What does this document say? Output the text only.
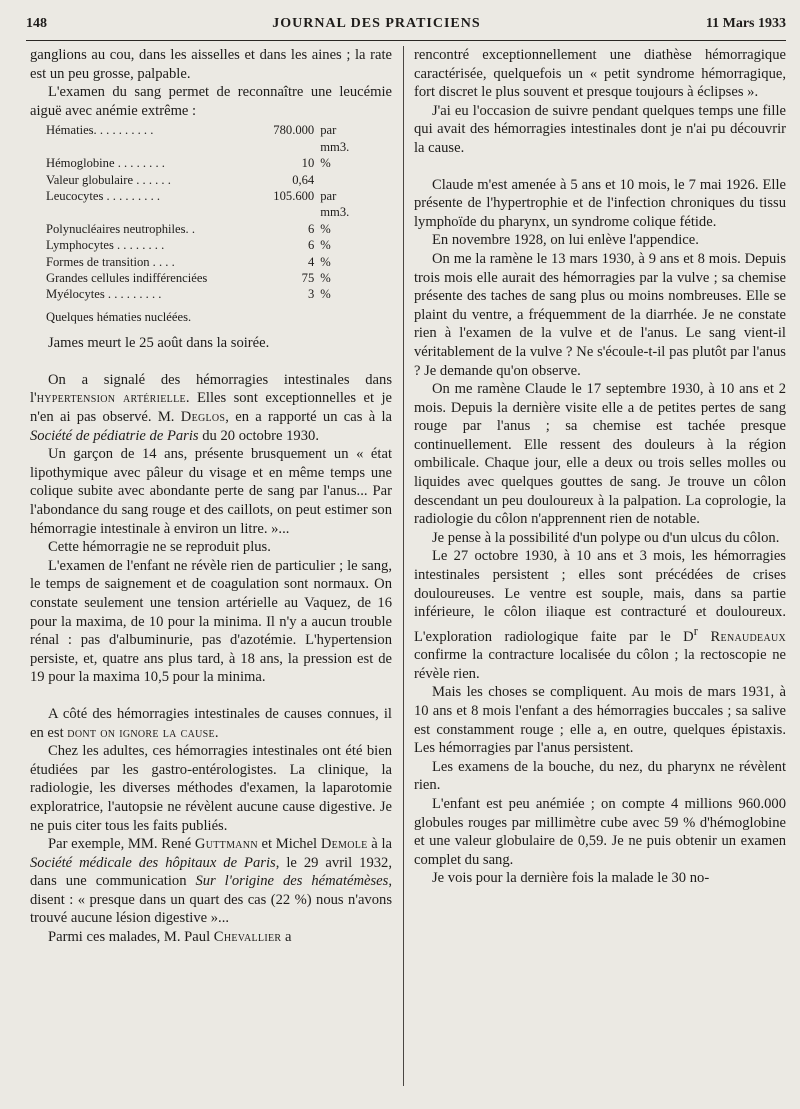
148	JOURNAL DES PRATICIENS	11 Mars 1933

ganglions au cou, dans les aisselles et dans les aines ; la rate est un peu grosse, palpable.

L'examen du sang permet de reconnaître une leucémie aiguë avec anémie extrême :

Hématies. . . . . . . . . .	780.000	par mm3.
Hémoglobine . . . . . . . .	10	%
Valeur globulaire . . . . . .	0,64	
Leucocytes . . . . . . . . .	105.600	par mm3.
Polynucléaires neutrophiles. .	6	%
Lymphocytes . . . . . . . .	6	%
Formes de transition . . . .	4	%
Grandes cellules indifférenciées	75	%
Myélocytes . . . . . . . . .	3	%
Quelques hématies nucléées.

James meurt le 25 août dans la soirée.

On a signalé des hémorragies intestinales dans l'hypertension artérielle. Elles sont exceptionnelles et je n'en ai pas observé. M. Deglos, en a rapporté un cas à la Société de pédiatrie de Paris du 20 octobre 1930.

Un garçon de 14 ans, présente brusquement un « état lipothymique avec pâleur du visage et en même temps une colique subite avec abondante perte de sang par l'anus... Par l'abondance du sang rouge et des caillots, on peut estimer son hémorragie intestinale à environ un litre. »...

Cette hémorragie ne se reproduit plus.

L'examen de l'enfant ne révèle rien de particulier ; le sang, le temps de saignement et de coagulation sont normaux. On constate seulement une tension artérielle au Vaquez, de 16 pour la maxima, de 10 pour la minima. Il n'y a aucun trouble rénal : pas d'albuminurie, pas d'azotémie. L'hypertension persiste, et, quatre ans plus tard, à 18 ans, la pression est de 19 pour la maxima 10,5 pour la minima.

A côté des hémorragies intestinales de causes connues, il en est dont on ignore la cause.

Chez les adultes, ces hémorragies intestinales ont été bien étudiées par les gastro-entérologistes. La clinique, la radiologie, les diverses méthodes d'examen, la laparotomie exploratrice, l'autopsie ne révèlent aucune cause digestive. Je ne puis citer tous les faits publiés.

Par exemple, MM. René Guttmann et Michel Demole à la Société médicale des hôpitaux de Paris, le 29 avril 1932, dans une communication Sur l'origine des hématémèses, disent : « presque dans un quart des cas (22 %) nous n'avons trouvé aucune lésion digestive »...

Parmi ces malades, M. Paul Chevallier a

rencontré exceptionnellement une diathèse hémorragique caractérisée, quelquefois un « petit syndrome hémorragique, fort discret le plus souvent et presque toujours à éclipses ».

J'ai eu l'occasion de suivre pendant quelques temps une fille qui avait des hémorragies intestinales dont je n'ai pu découvrir la cause.

Claude m'est amenée à 5 ans et 10 mois, le 7 mai 1926. Elle présente de l'hypertrophie et de l'infection chroniques du tissu lymphoïde du pharynx, un syndrome colique fétide.

En novembre 1928, on lui enlève l'appendice.

On me la ramène le 13 mars 1930, à 9 ans et 8 mois. Depuis trois mois elle aurait des hémorragies par la vulve ; sa chemise présente des taches de sang plus ou moins nombreuses. Elle se plaint du ventre, a fréquemment de la diarrhée. Je ne constate rien à l'examen de la vulve et de l'anus. Le sang vient-il véritablement de la vulve ? Ne s'écoule-t-il pas plutôt par l'anus ? Je demande qu'on observe.

On me ramène Claude le 17 septembre 1930, à 10 ans et 2 mois. Depuis la dernière visite elle a de petites pertes de sang rouge par l'anus ; sa chemise est tachée presque continuellement. Elle ressent des douleurs à la région ombilicale. Chaque jour, elle a deux ou trois selles molles ou liquides avec quelques gouttes de sang. Je trouve un côlon descendant un peu douloureux à la palpation. La coprologie, la radiologie du côlon n'apprennent rien de notable.

Je pense à la possibilité d'un polype ou d'un ulcus du côlon.

Le 27 octobre 1930, à 10 ans et 3 mois, les hémorragies intestinales persistent ; elles sont précédées de crises douloureuses. Le ventre est souple, mais, dans sa partie inférieure, le côlon iliaque est contracturé et douloureux. L'exploration radiologique faite par le $D^r$ Renaudeaux confirme la contracture localisée du côlon ; la rectoscopie ne révèle rien.

Mais les choses se compliquent. Au mois de mars 1931, à 10 ans et 8 mois l'enfant a des hémorragies buccales ; sa salive est constamment rouge ; elle a, en outre, quelques épistaxis. Les hémorragies par l'anus persistent.

Les examens de la bouche, du nez, du pharynx ne révèlent rien.

L'enfant est peu anémiée ; on compte 4 millions 960.000 globules rouges par millimètre cube avec 59 % d'hémoglobine et une valeur globulaire de 0,59. Je ne puis obtenir un examen complet du sang.

Je vois pour la dernière fois la malade le 30 no-
